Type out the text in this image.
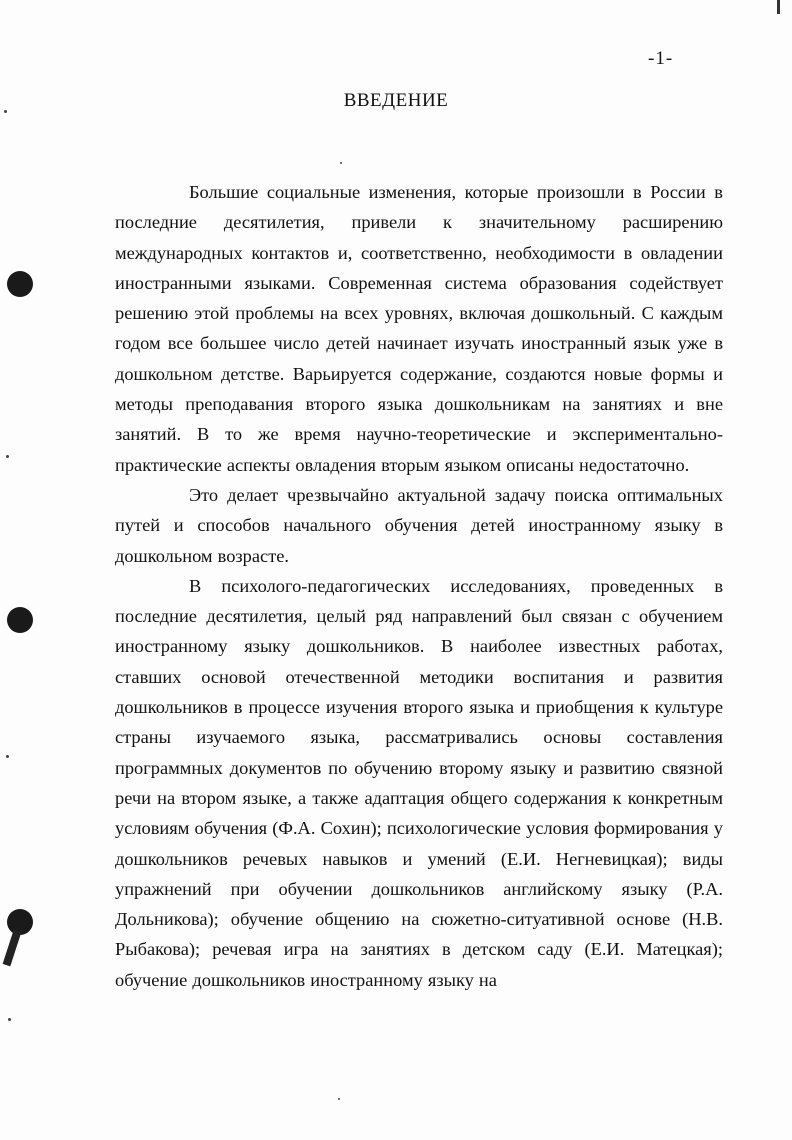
-1-
ВВЕДЕНИЕ

Большие социальные изменения, которые произошли в России в последние десятилетия, привели к значительному расширению международных контактов и, соответственно, необходимости в овладении иностранными языками. Современная система образования содействует решению этой проблемы на всех уровнях, включая дошкольный. С каждым годом все большее число детей начинает изучать иностранный язык уже в дошкольном детстве. Варьируется содержание, создаются новые формы и методы преподавания второго языка дошкольникам на занятиях и вне занятий. В то же время научно-теоретические и экспериментально-практические аспекты овладения вторым языком описаны недостаточно.

Это делает чрезвычайно актуальной задачу поиска оптимальных путей и способов начального обучения детей иностранному языку в дошкольном возрасте.

В психолого-педагогических исследованиях, проведенных в последние десятилетия, целый ряд направлений был связан с обучением иностранному языку дошкольников. В наиболее известных работах, ставших основой отечественной методики воспитания и развития дошкольников в процессе изучения второго языка и приобщения к культуре страны изучаемого языка, рассматривались основы составления программных документов по обучению второму языку и развитию связной речи на втором языке, а также адаптация общего содержания к конкретным условиям обучения (Ф.А. Сохин); психологические условия формирования у дошкольников речевых навыков и умений (Е.И. Негневицкая); виды упражнений при обучении дошкольников английскому языку (Р.А. Дольникова); обучение общению на сюжетно-ситуативной основе (Н.В. Рыбакова); речевая игра на занятиях в детском саду (Е.И. Матецкая); обучение дошкольников иностранному языку на
